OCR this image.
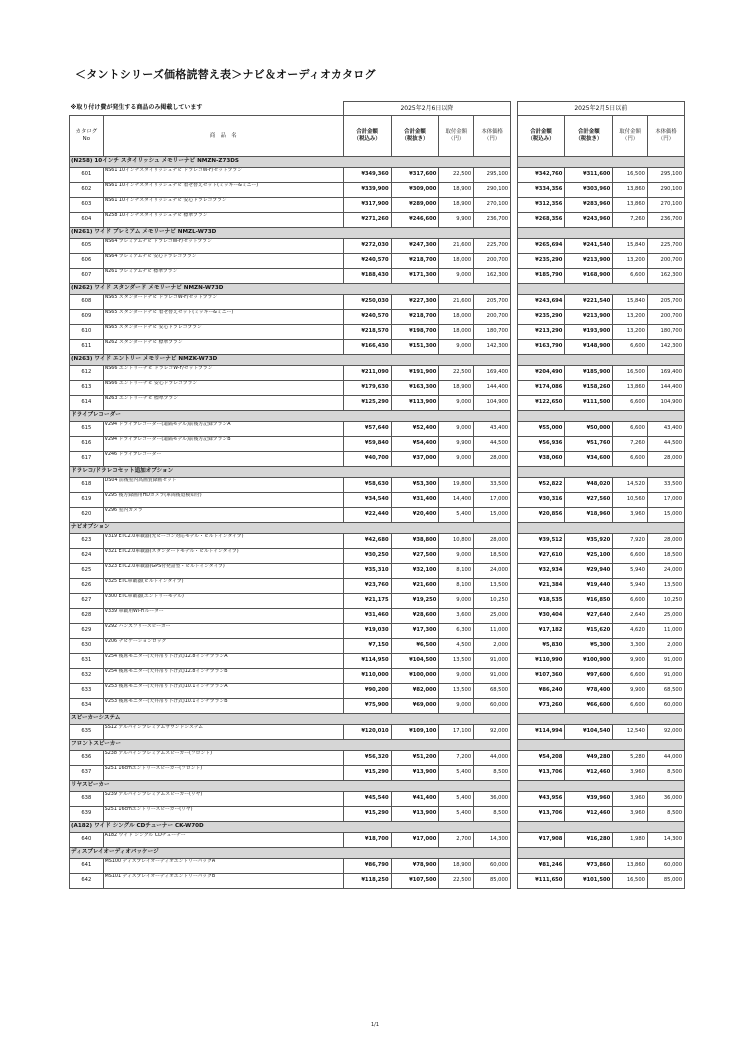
＜タントシリーズ価格読替え表＞ナビ＆オーディオカタログ
※取り付け費が発生する商品のみ掲載しています		2025年2月6日以降					2025年2月5日以前			
カタログ
No	商　品　名	合計金額
（税込み）	合計金額
（税抜き）	取付金額
（円）	本体価格
（円）		合計金額
（税込み）	合計金額
（税抜き）	取付金額
（円）	本体価格
（円）
(N258) 10インチ スタイリッシュ メモリーナビ NMZN-Z73DS										
601	NS61 10インチスタイリッシュナビ ドラレコW-F/セットプラン	¥349,360	¥317,600	22,500	295,100		¥342,760	¥311,600	16,500	295,100
602	NS61 10インチスタイリッシュナビ 着せ替えセット(ミッキー&ミニー)	¥339,900	¥309,000	18,900	290,100		¥334,356	¥303,960	13,860	290,100
603	NS61 10インチスタイリッシュナビ 安心ドラレコプラン	¥317,900	¥289,000	18,900	270,100		¥312,356	¥283,960	13,860	270,100
604	N258 10インチスタイリッシュナビ 標準プラン	¥271,260	¥246,600	9,900	236,700		¥268,356	¥243,960	7,260	236,700
(N261) ワイド プレミアム メモリーナビ NMZL-W73D										
605	NS64 プレミアムナビ ドラレコW-F/セットプラン	¥272,030	¥247,300	21,600	225,700		¥265,694	¥241,540	15,840	225,700
606	NS64 プレミアムナビ 安心ドラレコプラン	¥240,570	¥218,700	18,000	200,700		¥235,290	¥213,900	13,200	200,700
607	N261 プレミアムナビ 標準プラン	¥188,430	¥171,300	9,000	162,300		¥185,790	¥168,900	6,600	162,300
(N262) ワイド スタンダード メモリーナビ NMZN-W73D										
608	NS65 スタンダードナビ ドラレコW-F/セットプラン	¥250,030	¥227,300	21,600	205,700		¥243,694	¥221,540	15,840	205,700
609	NS65 スタンダードナビ 着せ替えセット(ミッキー&ミニー)	¥240,570	¥218,700	18,000	200,700		¥235,290	¥213,900	13,200	200,700
610	NS65 スタンダードナビ 安心ドラレコプラン	¥218,570	¥198,700	18,000	180,700		¥213,290	¥193,900	13,200	180,700
611	N262 スタンダードナビ 標準プラン	¥166,430	¥151,300	9,000	142,300		¥163,790	¥148,900	6,600	142,300
(N263) ワイド エントリー メモリーナビ NMZK-W73D										
612	NS66 エントリーナビ ドラレコW-F/セットプラン	¥211,090	¥191,900	22,500	169,400		¥204,490	¥185,900	16,500	169,400
613	NS66 エントリーナビ 安心ドラレコプラン	¥179,630	¥163,300	18,900	144,400		¥174,086	¥158,260	13,860	144,400
614	N263 エントリーナビ 標準プラン	¥125,290	¥113,900	9,000	104,900		¥122,650	¥111,500	6,600	104,900
ドライブレコーダー										
615	V294 ドライブレコーダー(遠隔モデル)前後方記録プランA	¥57,640	¥52,400	9,000	43,400		¥55,000	¥50,000	6,600	43,400
616	V294 ドライブレコーダー(遠隔モデル)前後方記録プランB	¥59,840	¥54,400	9,900	44,500		¥56,936	¥51,760	7,260	44,500
617	V246 ドライブレコーダー	¥40,700	¥37,000	9,000	28,000		¥38,060	¥34,600	6,600	28,000
ドラレコ/ドラレコセット追加オプション										
618	DS04 前後室内高画質録画セット	¥58,630	¥53,300	19,800	33,500		¥52,822	¥48,020	14,520	33,500
619	V295 後方録画用HDカメラ(車両後退検知付)	¥34,540	¥31,400	14,400	17,000		¥30,316	¥27,560	10,560	17,000
620	V296 室内カメラ	¥22,440	¥20,400	5,400	15,000		¥20,856	¥18,960	3,960	15,000
ナビオプション										
623	V319 ETC2.0車載器(光ビーコン対応モデル・ビルトインタイプ)	¥42,680	¥38,800	10,800	28,000		¥39,512	¥35,920	7,920	28,000
624	V321 ETC2.0車載器(スタンダードモデル・ビルトインタイプ)	¥30,250	¥27,500	9,000	18,500		¥27,610	¥25,100	6,600	18,500
625	V323 ETC2.0車載器(GPS付発話型・ビルトインタイプ)	¥35,310	¥32,100	8,100	24,000		¥32,934	¥29,940	5,940	24,000
626	V325 ETC車載器(ビルトインタイプ)	¥23,760	¥21,600	8,100	13,500		¥21,384	¥19,440	5,940	13,500
627	V300 ETC車載器(エントリーモデル)	¥21,175	¥19,250	9,000	10,250		¥18,535	¥16,850	6,600	10,250
628	V339 車載用Wi-Fiルーター	¥31,460	¥28,600	3,600	25,000		¥30,404	¥27,640	2,640	25,000
629	V292 ハンズフリースピーカー	¥19,030	¥17,300	6,300	11,000		¥17,182	¥15,620	4,620	11,000
630	V206 ナビゲーションロック	¥7,150	¥6,500	4,500	2,000		¥5,830	¥5,300	3,300	2,000
631	V254 後席モニター(天井吊り下げ式)12.8インチプランA	¥114,950	¥104,500	13,500	91,000		¥110,990	¥100,900	9,900	91,000
632	V254 後席モニター(天井吊り下げ式)12.8インチプランB	¥110,000	¥100,000	9,000	91,000		¥107,360	¥97,600	6,600	91,000
633	V253 後席モニター(天井吊り下げ式)10.1インチプランA	¥90,200	¥82,000	13,500	68,500		¥86,240	¥78,400	9,900	68,500
634	V253 後席モニター(天井吊り下げ式)10.1インチプランB	¥75,900	¥69,000	9,000	60,000		¥73,260	¥66,600	6,600	60,000
スピーカーシステム										
635	SS12 アルパインプレミアムサウンドシステム	¥120,010	¥109,100	17,100	92,000		¥114,994	¥104,540	12,540	92,000
フロントスピーカー										
636	S238 アルパインプレミアムスピーカー(フロント)	¥56,320	¥51,200	7,200	44,000		¥54,208	¥49,280	5,280	44,000
637	S251 16cmエントリースピーカー(フロント)	¥15,290	¥13,900	5,400	8,500		¥13,706	¥12,460	3,960	8,500
リヤスピーカー										
638	S239 アルパインプレミアムスピーカー(リヤ)	¥45,540	¥41,400	5,400	36,000		¥43,956	¥39,960	3,960	36,000
639	S251 16cmエントリースピーカー(リヤ)	¥15,290	¥13,900	5,400	8,500		¥13,706	¥12,460	3,960	8,500
(A182) ワイド シングル CDチューナー CK-W70D										
640	A182 ワイド シングル CDチューナー	¥18,700	¥17,000	2,700	14,300		¥17,908	¥16,280	1,980	14,300
ディスプレイオーディオパッケージ										
641	MS100 ディスプレイオーディオエントリーパックA	¥86,790	¥78,900	18,900	60,000		¥81,246	¥73,860	13,860	60,000
642	MS101 ディスプレイオーディオエントリーパックB	¥118,250	¥107,500	22,500	85,000		¥111,650	¥101,500	16,500	85,000
1/1
